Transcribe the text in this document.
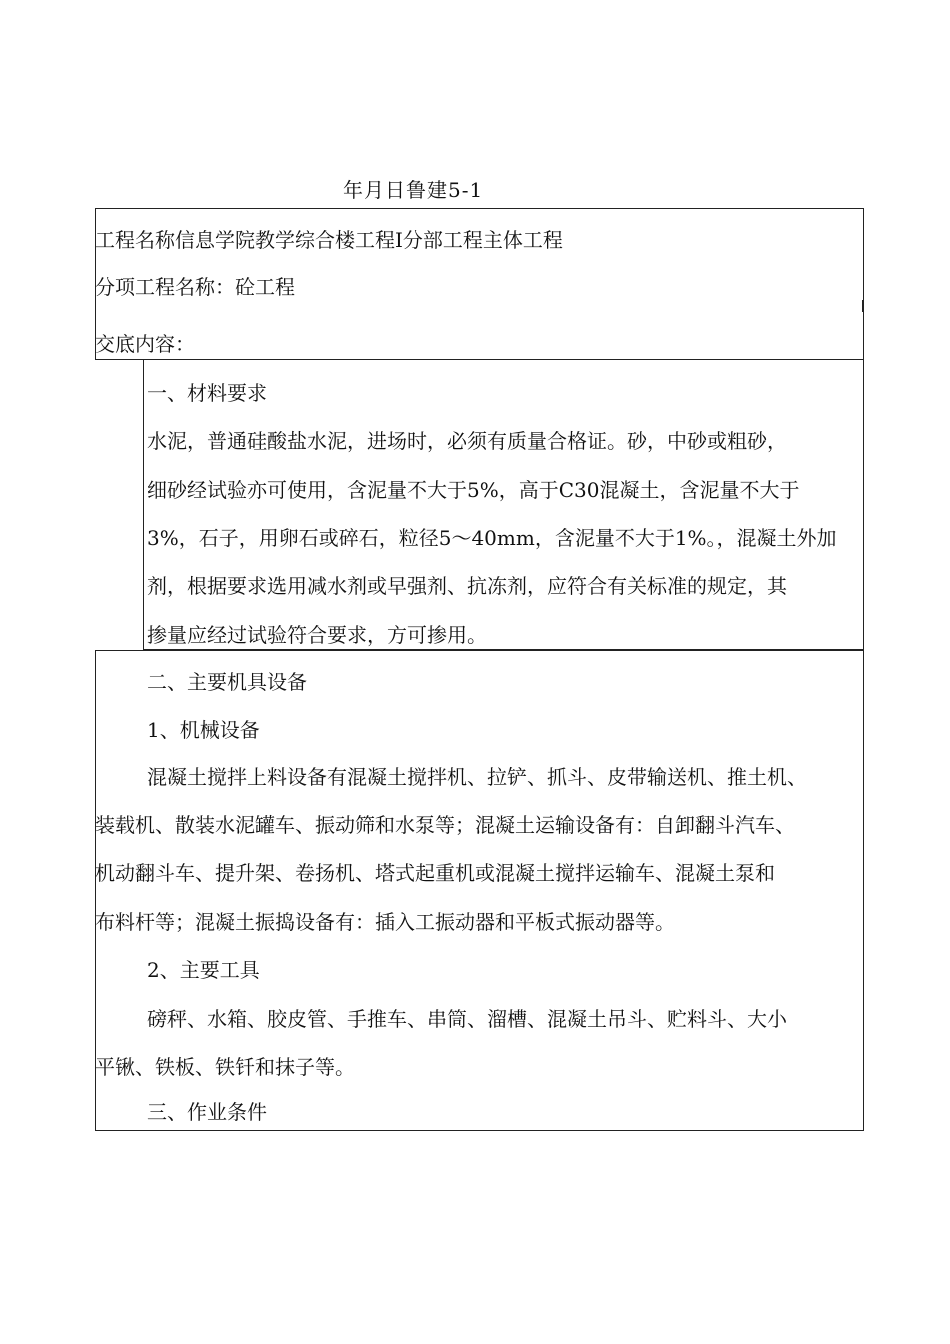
年月日鲁建5-1
工程名称信息学院教学综合楼工程Ⅰ分部工程主体工程
分项工程名称：砼工程
交底内容：
一、材料要求
水泥，普通硅酸盐水泥，进场时，必须有质量合格证。砂，中砂或粗砂，
细砂经试验亦可使用，含泥量不大于5%，高于C30混凝土，含泥量不大于
3%，石子，用卵石或碎石，粒径5～40mm，含泥量不大于1%。，混凝土外加
剂，根据要求选用减水剂或早强剂、抗冻剂，应符合有关标准的规定，其
掺量应经过试验符合要求，方可掺用。
二、主要机具设备
1、机械设备
混凝土搅拌上料设备有混凝土搅拌机、拉铲、抓斗、皮带输送机、推土机、
装载机、散装水泥罐车、振动筛和水泵等；混凝土运输设备有：自卸翻斗汽车、
机动翻斗车、提升架、卷扬机、塔式起重机或混凝土搅拌运输车、混凝土泵和
布料杆等；混凝土振捣设备有：插入工振动器和平板式振动器等。
2、主要工具
磅秤、水箱、胶皮管、手推车、串筒、溜槽、混凝土吊斗、贮料斗、大小
平锹、铁板、铁钎和抹子等。
三、作业条件
